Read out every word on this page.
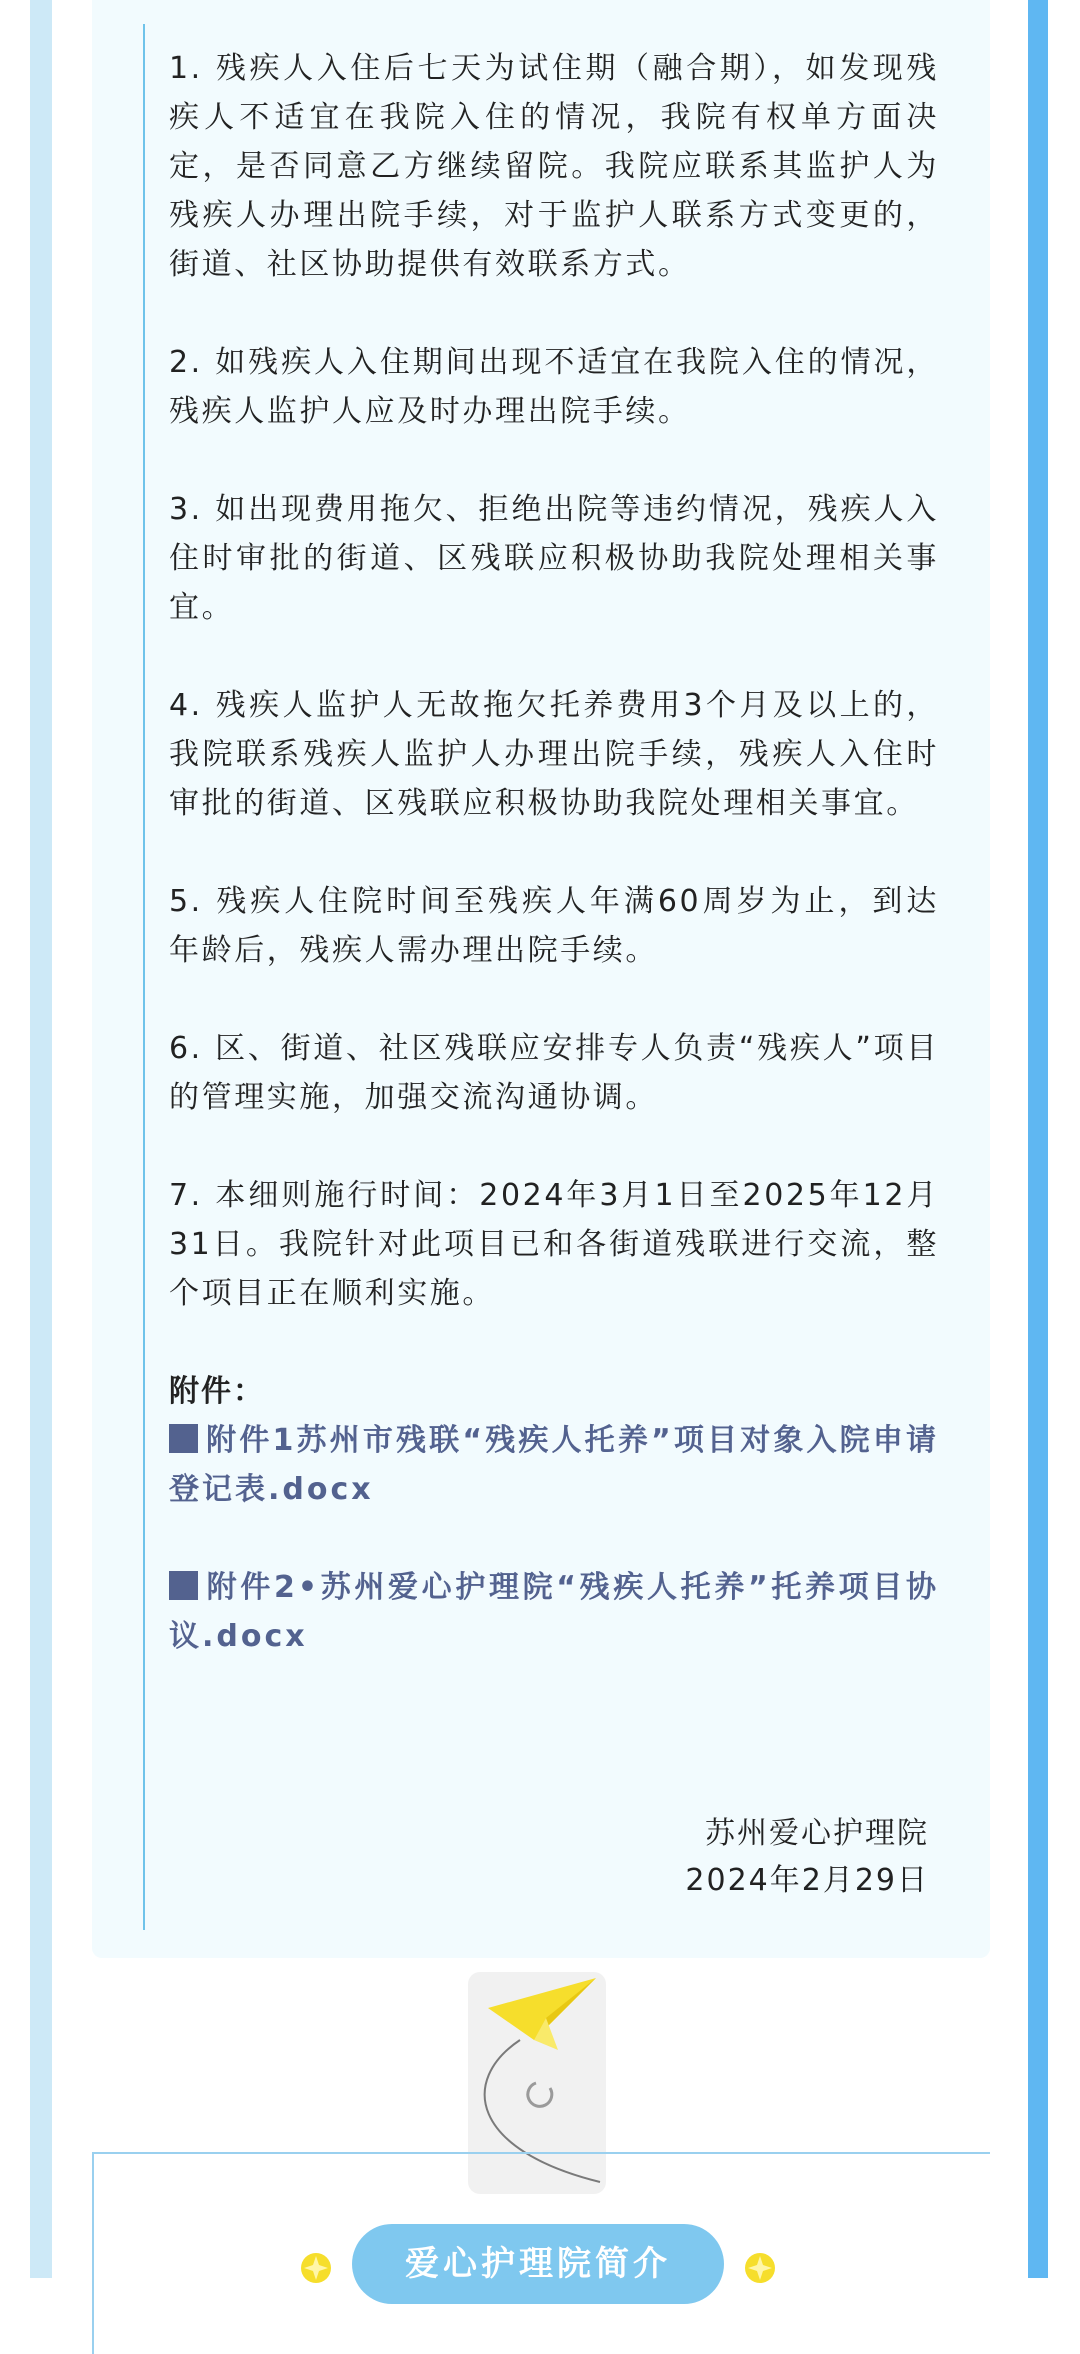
1. 残疾人入住后七天为试住期（融合期），如发现残疾人不适宜在我院入住的情况，我院有权单方面决定，是否同意乙方继续留院。我院应联系其监护人为残疾人办理出院手续，对于监护人联系方式变更的，街道、社区协助提供有效联系方式。

2. 如残疾人入住期间出现不适宜在我院入住的情况，残疾人监护人应及时办理出院手续。

3. 如出现费用拖欠、拒绝出院等违约情况，残疾人入住时审批的街道、区残联应积极协助我院处理相关事宜。

4. 残疾人监护人无故拖欠托养费用3个月及以上的，我院联系残疾人监护人办理出院手续，残疾人入住时审批的街道、区残联应积极协助我院处理相关事宜。

5. 残疾人住院时间至残疾人年满60周岁为止，到达年龄后，残疾人需办理出院手续。

6. 区、街道、社区残联应安排专人负责“残疾人”项目的管理实施，加强交流沟通协调。

7. 本细则施行时间：2024年3月1日至2025年12月31日。我院针对此项目已和各街道残联进行交流，整个项目正在顺利实施。

附件：

附件1苏州市残联“残疾人托养”项目对象入院申请登记表.docx

附件2•苏州爱心护理院“残疾人托养”托养项目协议.docx

苏州爱心护理院

2024年2月29日

爱心护理院简介
